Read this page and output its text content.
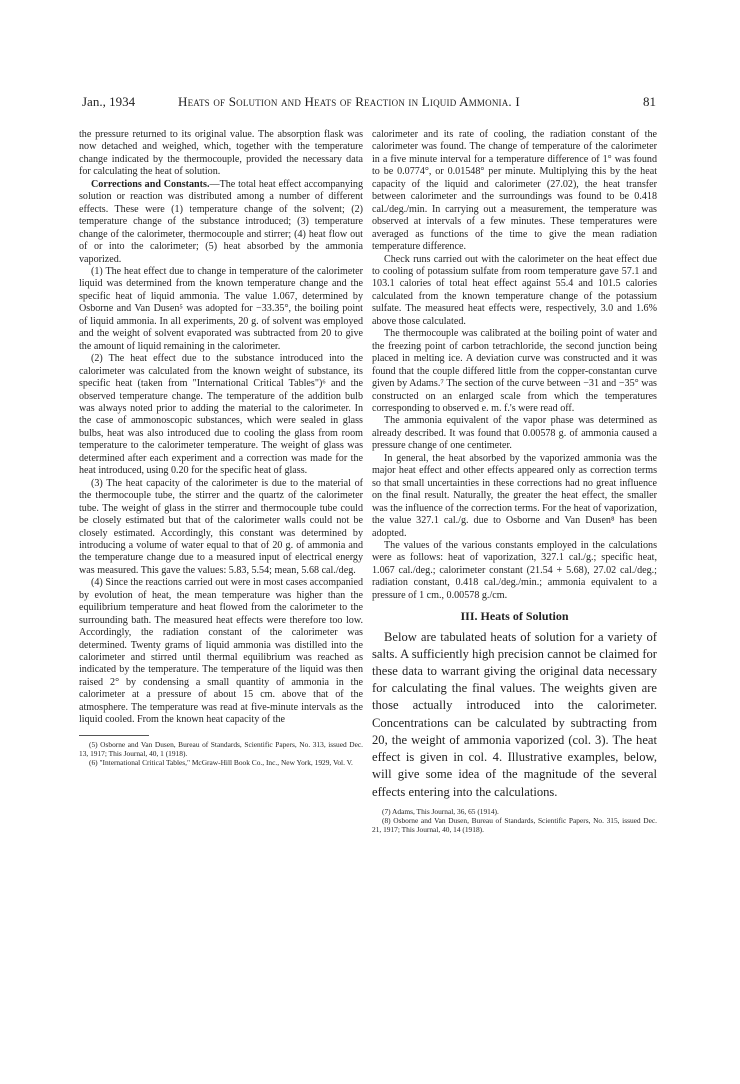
Jan., 1934	Heats of Solution and Heats of Reaction in Liquid Ammonia. I	81

the pressure returned to its original value. The absorption flask was now detached and weighed, which, together with the temperature change indicated by the thermocouple, provided the necessary data for calculating the heat of solution.

Corrections and Constants.—The total heat effect accompanying solution or reaction was distributed among a number of different effects. These were (1) temperature change of the solvent; (2) temperature change of the substance introduced; (3) temperature change of the calorimeter, thermocouple and stirrer; (4) heat flow out of or into the calorimeter; (5) heat absorbed by the ammonia vaporized.

(1) The heat effect due to change in temperature of the calorimeter liquid was determined from the known temperature change and the specific heat of liquid ammonia. The value 1.067, determined by Osborne and Van Dusen⁵ was adopted for −33.35°, the boiling point of liquid ammonia. In all experiments, 20 g. of solvent was employed and the weight of solvent evaporated was subtracted from 20 to give the amount of liquid remaining in the calorimeter.

(2) The heat effect due to the substance introduced into the calorimeter was calculated from the known weight of substance, its specific heat (taken from "International Critical Tables")⁶ and the observed temperature change. The temperature of the addition bulb was always noted prior to adding the material to the calorimeter. In the case of ammonoscopic substances, which were sealed in glass bulbs, heat was also introduced due to cooling the glass from room temperature to the calorimeter temperature. The weight of glass was determined after each experiment and a correction was made for the heat introduced, using 0.20 for the specific heat of glass.

(3) The heat capacity of the calorimeter is due to the material of the thermocouple tube, the stirrer and the quartz of the calorimeter tube. The weight of glass in the stirrer and thermocouple tube could be closely estimated but that of the calorimeter walls could not be closely estimated. Accordingly, this constant was determined by introducing a volume of water equal to that of 20 g. of ammonia and the temperature change due to a measured input of electrical energy was measured. This gave the values: 5.83, 5.54; mean, 5.68 cal./deg.

(4) Since the reactions carried out were in most cases accompanied by evolution of heat, the mean temperature was higher than the equilibrium temperature and heat flowed from the calorimeter to the surrounding bath. The measured heat effects were therefore too low. Accordingly, the radiation constant of the calorimeter was determined. Twenty grams of liquid ammonia was distilled into the calorimeter and stirred until thermal equilibrium was reached as indicated by the temperature. The temperature of the liquid was then raised 2° by condensing a small quantity of ammonia in the calorimeter at a pressure of about 15 cm. above that of the atmosphere. The temperature was read at five-minute intervals as the liquid cooled. From the known heat capacity of the

(5) Osborne and Van Dusen, Bureau of Standards, Scientific Papers, No. 313, issued Dec. 13, 1917; This Journal, 40, 1 (1918).

(6) "International Critical Tables," McGraw-Hill Book Co., Inc., New York, 1929, Vol. V.

calorimeter and its rate of cooling, the radiation constant of the calorimeter was found. The change of temperature of the calorimeter in a five minute interval for a temperature difference of 1° was found to be 0.0774°, or 0.01548° per minute. Multiplying this by the heat capacity of the liquid and calorimeter (27.02), the heat transfer between calorimeter and the surroundings was found to be 0.418 cal./deg./min. In carrying out a measurement, the temperature was observed at intervals of a few minutes. These temperatures were averaged as functions of the time to give the mean radiation temperature difference.

Check runs carried out with the calorimeter on the heat effect due to cooling of potassium sulfate from room temperature gave 57.1 and 103.1 calories of total heat effect against 55.4 and 101.5 calories calculated from the known temperature change of the potassium sulfate. The measured heat effects were, respectively, 3.0 and 1.6% above those calculated.

The thermocouple was calibrated at the boiling point of water and the freezing point of carbon tetrachloride, the second junction being placed in melting ice. A deviation curve was constructed and it was found that the couple differed little from the copper-constantan curve given by Adams.⁷ The section of the curve between −31 and −35° was constructed on an enlarged scale from which the temperatures corresponding to observed e. m. f.'s were read off.

The ammonia equivalent of the vapor phase was determined as already described. It was found that 0.00578 g. of ammonia caused a pressure change of one centimeter.

In general, the heat absorbed by the vaporized ammonia was the major heat effect and other effects appeared only as correction terms so that small uncertainties in these corrections had no great influence on the final result. Naturally, the greater the heat effect, the smaller was the influence of the correction terms. For the heat of vaporization, the value 327.1 cal./g. due to Osborne and Van Dusen⁸ has been adopted.

The values of the various constants employed in the calculations were as follows: heat of vaporization, 327.1 cal./g.; specific heat, 1.067 cal./deg.; calorimeter constant (21.54 + 5.68), 27.02 cal./deg.; radiation constant, 0.418 cal./deg./min.; ammonia equivalent to a pressure of 1 cm., 0.00578 g./cm.

III. Heats of Solution

Below are tabulated heats of solution for a variety of salts. A sufficiently high precision cannot be claimed for these data to warrant giving the original data necessary for calculating the final values. The weights given are those actually introduced into the calorimeter. Concentrations can be calculated by subtracting from 20, the weight of ammonia vaporized (col. 3). The heat effect is given in col. 4. Illustrative examples, below, will give some idea of the magnitude of the several effects entering into the calculations.

(7) Adams, This Journal, 36, 65 (1914).

(8) Osborne and Van Dusen, Bureau of Standards, Scientific Papers, No. 315, issued Dec. 21, 1917; This Journal, 40, 14 (1918).
